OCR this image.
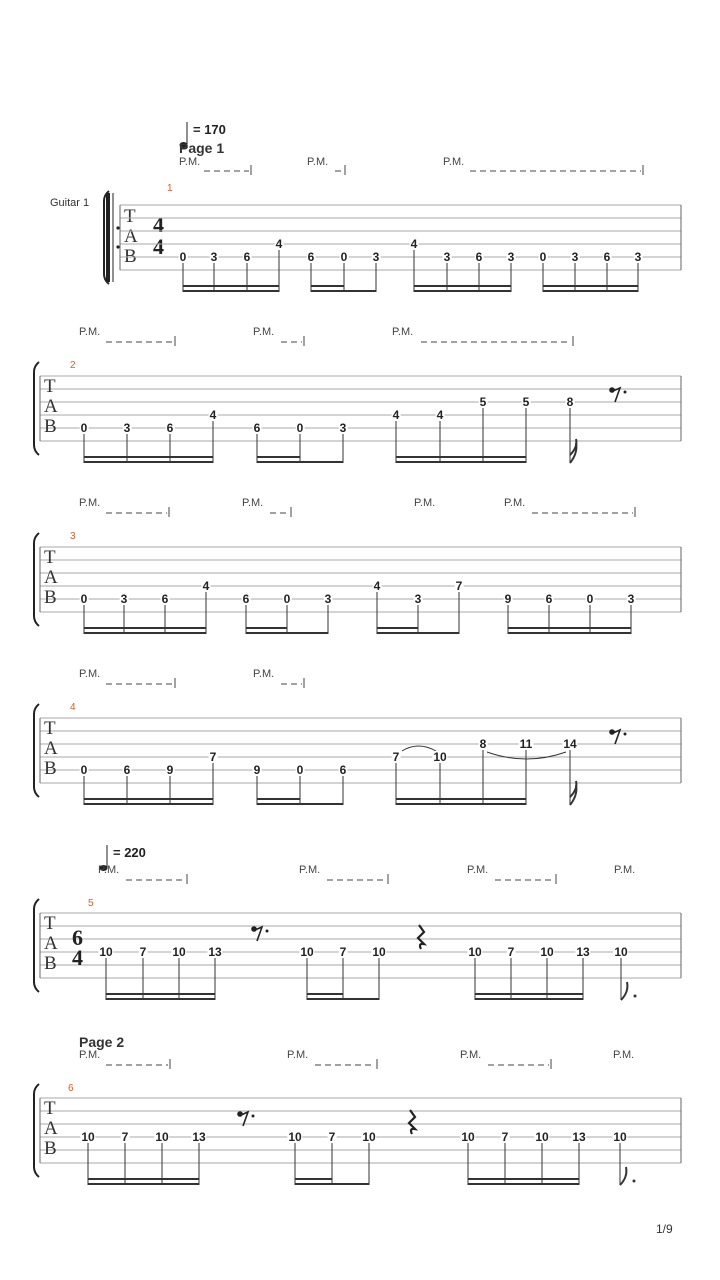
= 170
Page 1
Guitar 1
1
P.M.	P.M.	P.M.
T
A
B
4
4
= 220
Page 2
1/9
0 3 6
4
6 0 3
4
3 6 3 0 3 6 3
2
T
A
B
P.M.	P.M.	P.M.
0	3	6
4
6	0	3
4	4
5	5	8
3
T
A
B
P.M.	P.M.	P.M.	P.M.
0	3	6
4
6	0	3
4
3
7
9	6	0	3
4
T
A
B
P.M.	P.M.
0	6	9
7
9	0	6
7	10
8	11	14
5
T
A
B
P.M.	P.M.	P.M.	P.M.
6
4 10 7 10 13	10 7 10	10 7 10 13 10
6
T
A
B
P.M.	P.M.	P.M.	P.M.
10 7 10 13	10 7 10	10 7 10 13 10
